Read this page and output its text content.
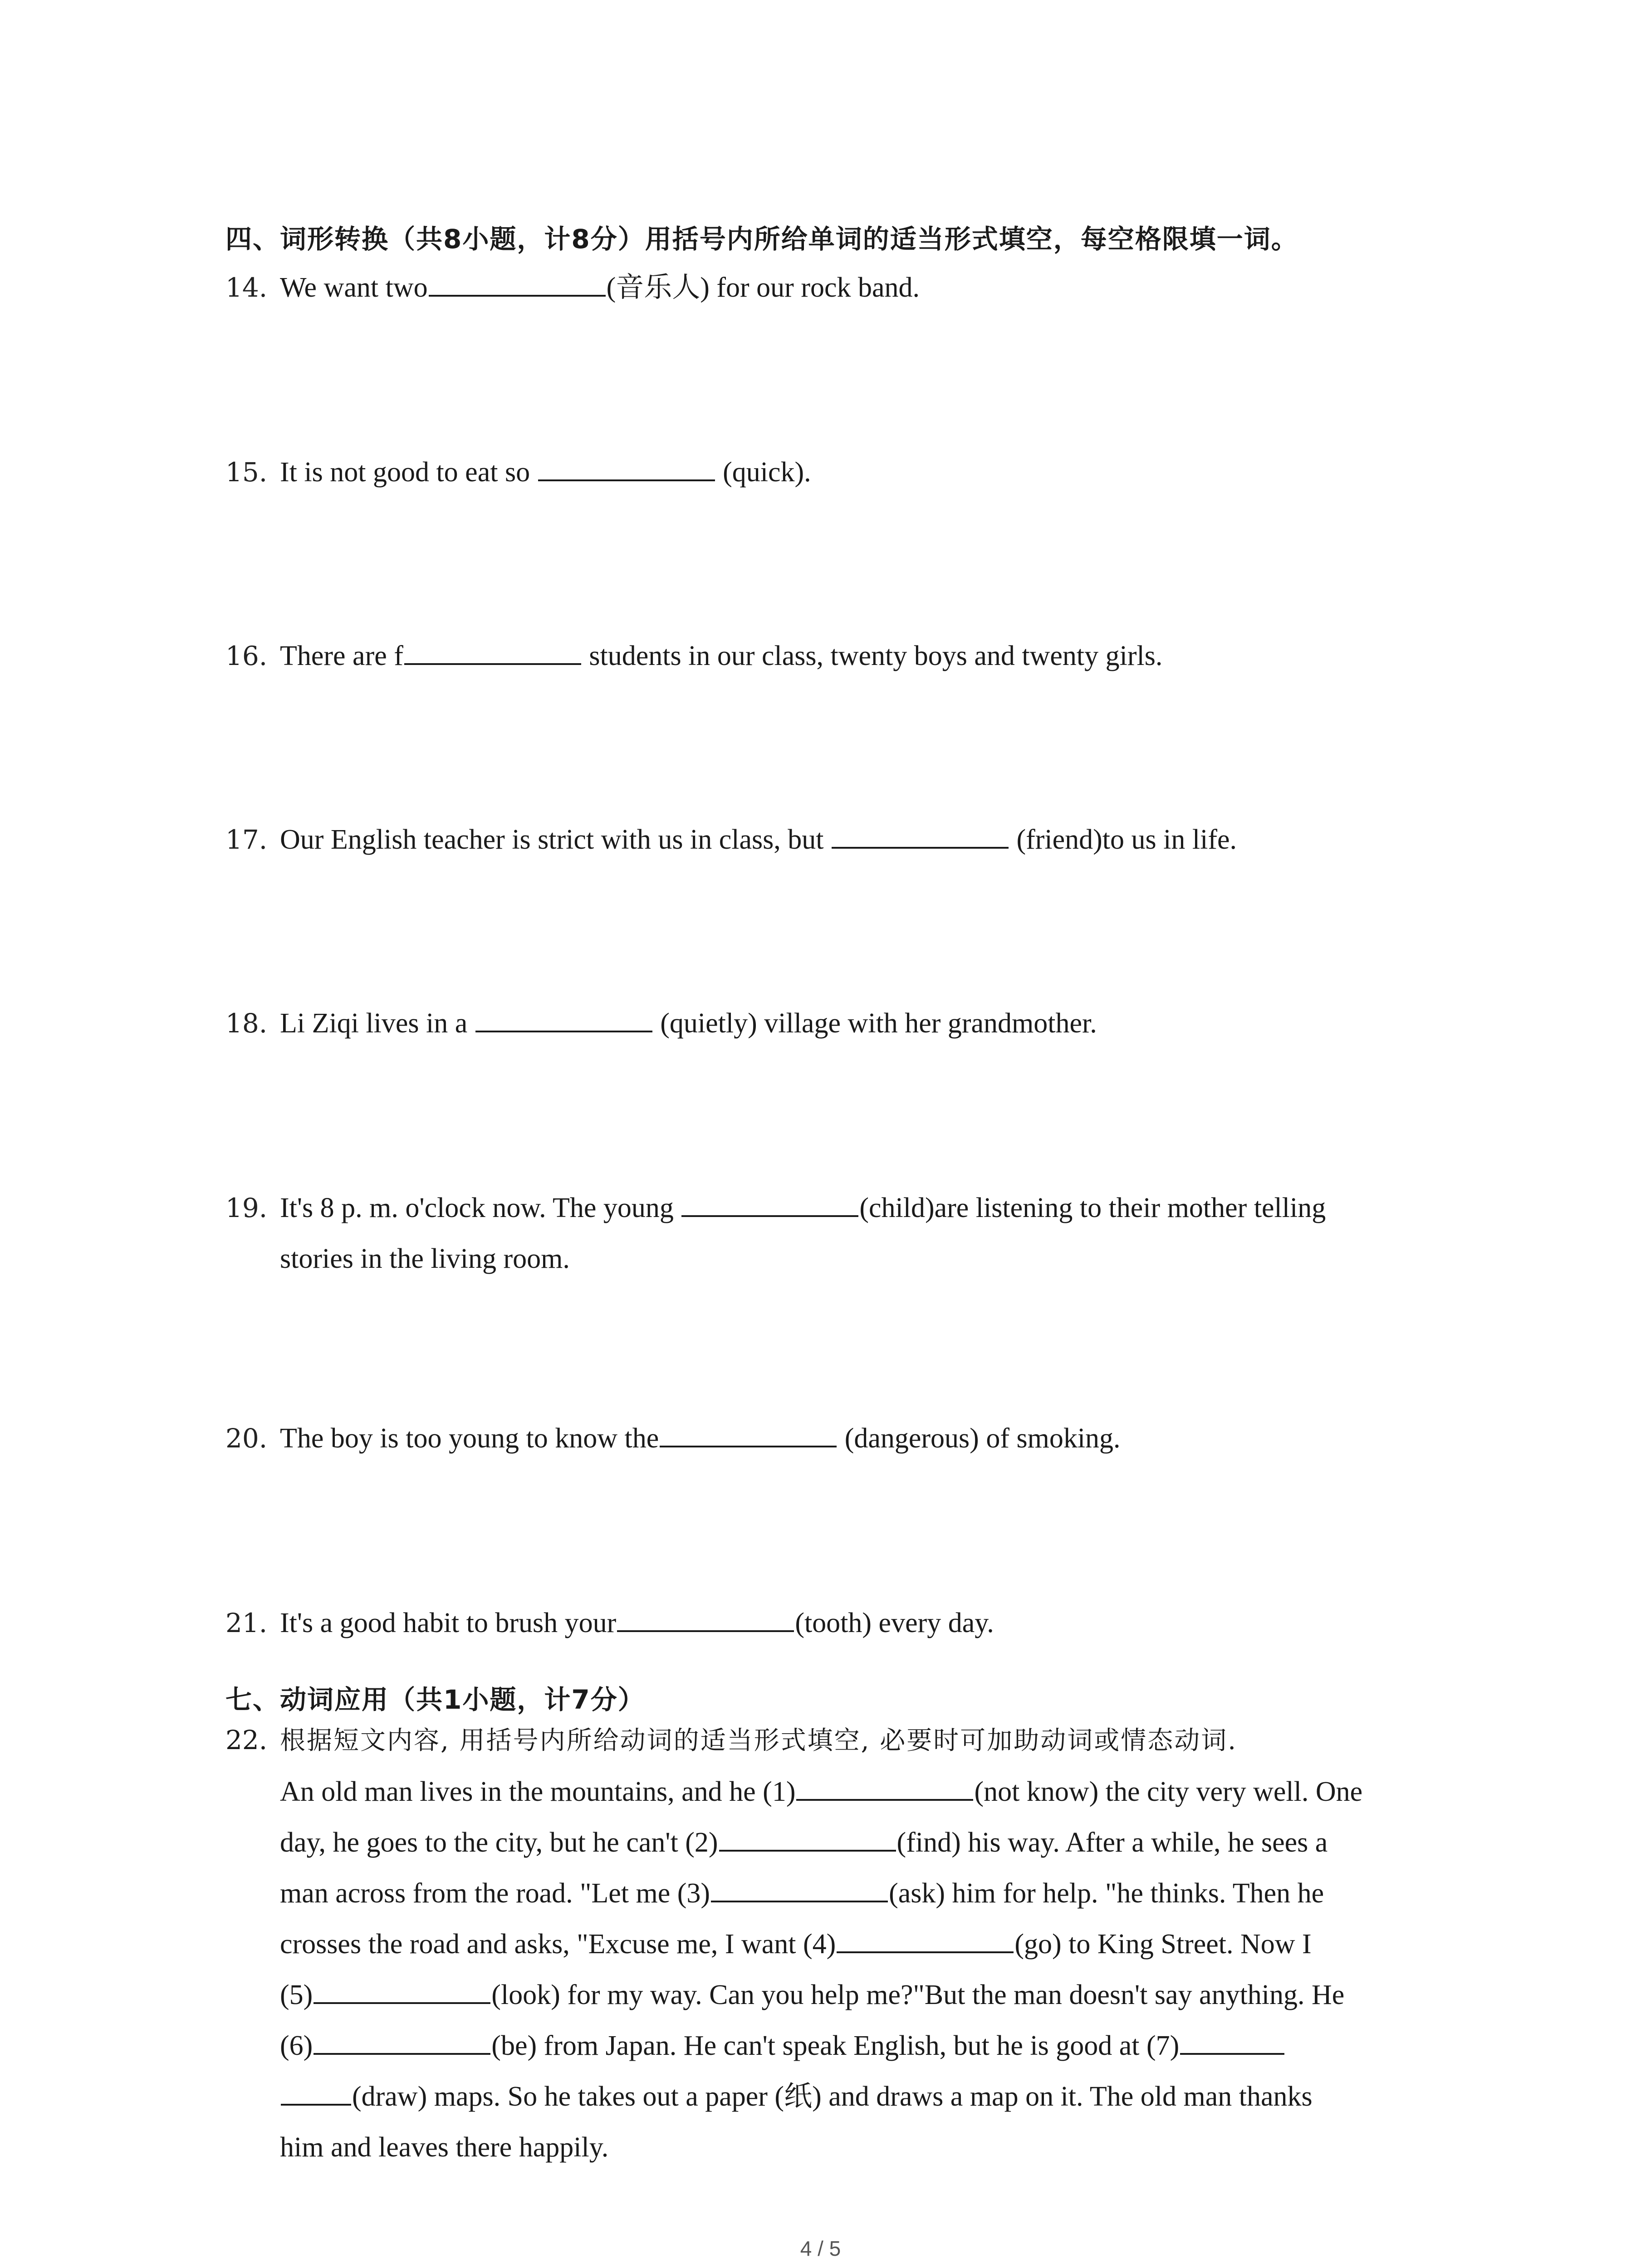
四、词形转换（共8小题，计8分）用括号内所给单词的适当形式填空，每空格限填一词。
14. We want two	(音乐人) for our rock band.
15. It is not good to eat so	(quick).
16. There are f	students in our class, twenty boys and twenty girls.
17. Our English teacher is strict with us in class, but	(friend)to us in life.
18. Li Ziqi lives in a	(quietly) village with her grandmother.
19. It's 8 p. m. o'clock now. The young	(child)are listening to their mother telling
stories in the living room.
20. The boy is too young to know the	(dangerous) of smoking.
21. It's a good habit to brush your	(tooth) every day.
七、动词应用（共1小题，计7分）
22. 根据短文内容, 用括号内所给动词的适当形式填空, 必要时可加助动词或情态动词.
An old man lives in the mountains, and he (1)	(not know) the city very well. One
day, he goes to the city, but he can't (2)	(find) his way. After a while, he sees a
man across from the road. "Let me (3)	(ask) him for help. "he thinks. Then he
crosses the road and asks, "Excuse me, I want (4)	(go) to King Street. Now I
(5)	(look) for my way. Can you help me?"But the man doesn't say anything. He
(6)	(be) from Japan. He can't speak English, but he is good at (7)
(draw) maps. So he takes out a paper (纸) and draws a map on it. The old man thanks
him and leaves there happily.
4 / 5
